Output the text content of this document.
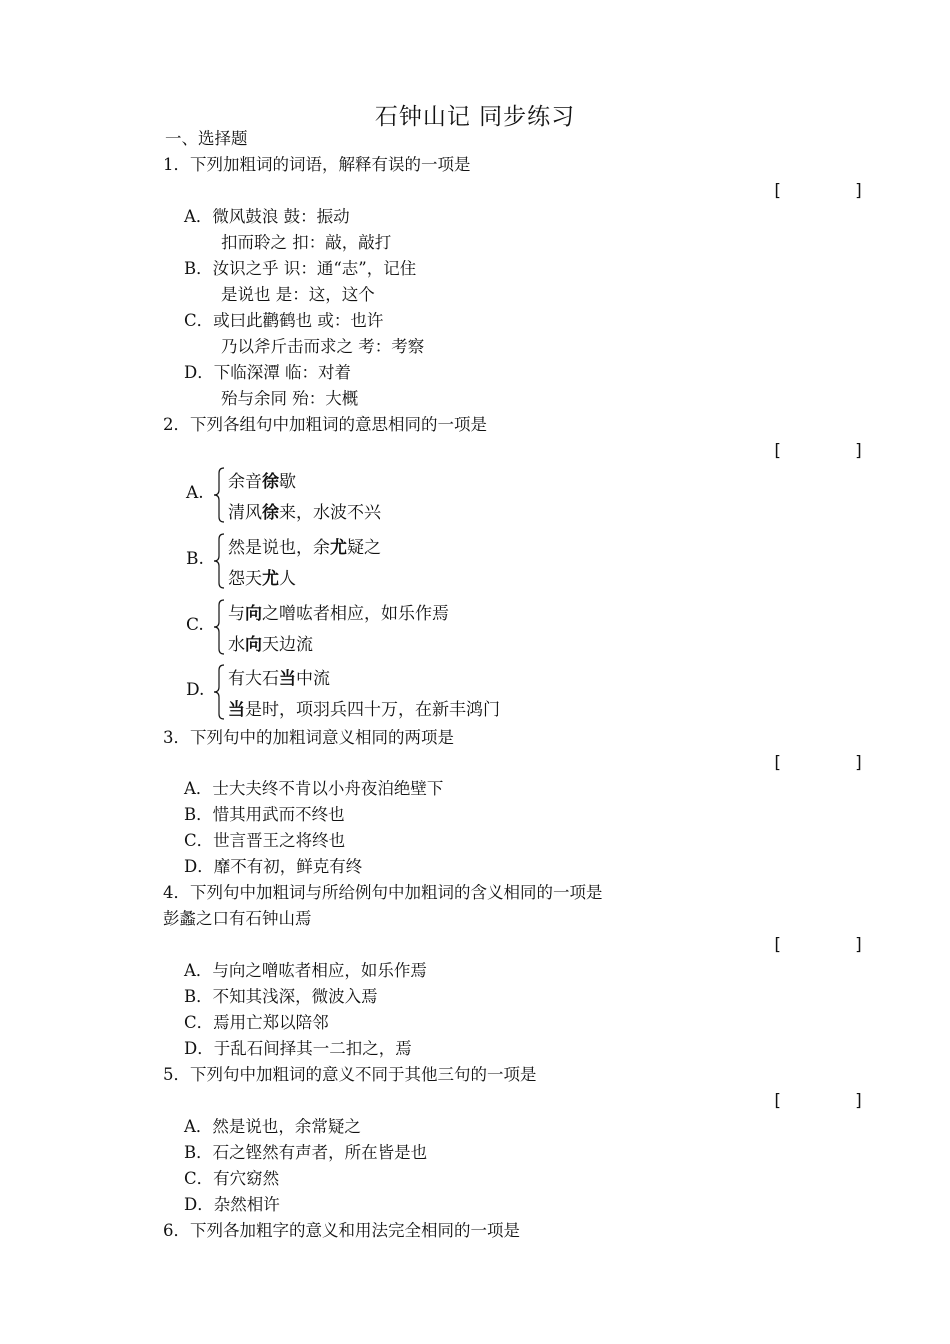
石钟山记 同步练习
一、选择题
1．下列加粗词的词语，解释有误的一项是
[       ]
A．微风鼓浪 鼓：振动
扣而聆之 扣：敲，敲打
B．汝识之乎 识：通“志”，记住
是说也 是：这，这个
C．或曰此鹳鹤也 或：也许
乃以斧斤击而求之 考：考察
D．下临深潭 临：对着
殆与余同 殆：大概
2．下列各组句中加粗词的意思相同的一项是
[       ]
A.
余音徐歇
清风徐来，水波不兴
B.
然是说也，余尤疑之
怨天尤人
C.
与向之噌吰者相应，如乐作焉
水向天边流
D.
有大石当中流
当是时，项羽兵四十万，在新丰鸿门
3．下列句中的加粗词意义相同的两项是
[       ]
A．士大夫终不肯以小舟夜泊绝壁下
B．惜其用武而不终也
C．世言晋王之将终也
D．靡不有初，鲜克有终
4．下列句中加粗词与所给例句中加粗词的含义相同的一项是
彭蠡之口有石钟山焉
[       ]
A．与向之噌吰者相应，如乐作焉
B．不知其浅深，微波入焉
C．焉用亡郑以陪邻
D．于乱石间择其一二扣之，焉
5．下列句中加粗词的意义不同于其他三句的一项是
[       ]
A．然是说也，余常疑之
B．石之铿然有声者，所在皆是也
C．有穴窈然
D．杂然相许
6．下列各加粗字的意义和用法完全相同的一项是
